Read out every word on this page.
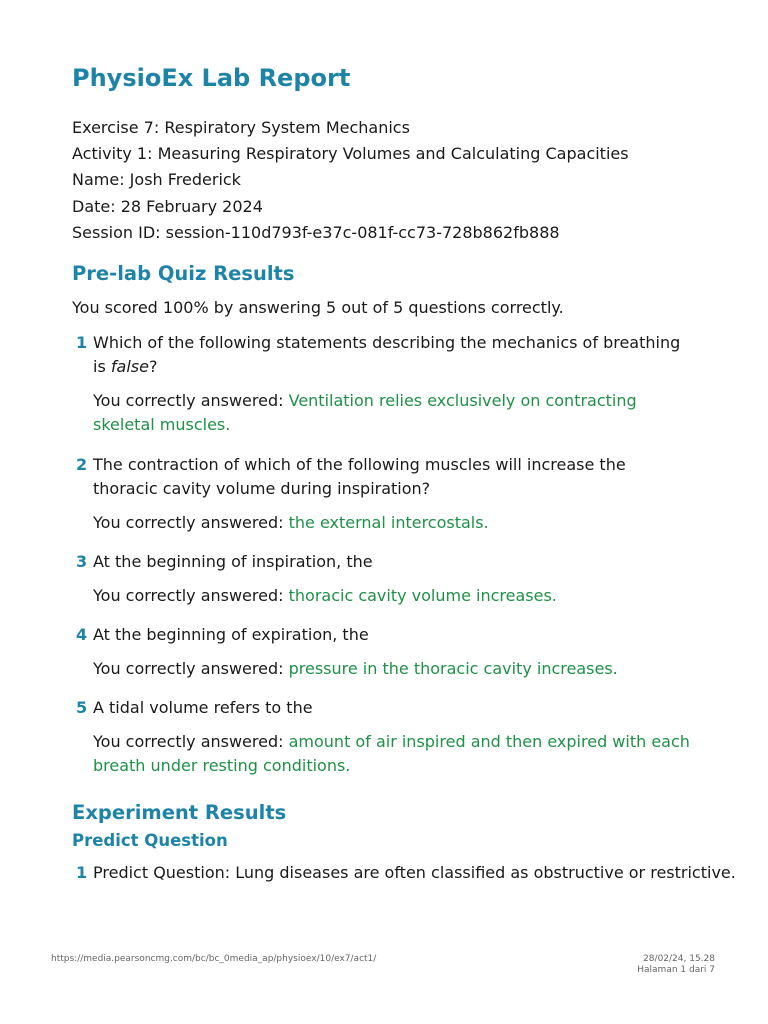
PhysioEx Lab Report
Exercise 7: Respiratory System Mechanics
Activity 1: Measuring Respiratory Volumes and Calculating Capacities
Name: Josh Frederick
Date: 28 February 2024
Session ID: session-110d793f-e37c-081f-cc73-728b862fb888
Pre-lab Quiz Results
You scored 100% by answering 5 out of 5 questions correctly.
1 Which of the following statements describing the mechanics of breathing is false?
You correctly answered: Ventilation relies exclusively on contracting skeletal muscles.
2 The contraction of which of the following muscles will increase the thoracic cavity volume during inspiration?
You correctly answered: the external intercostals.
3 At the beginning of inspiration, the
You correctly answered: thoracic cavity volume increases.
4 At the beginning of expiration, the
You correctly answered: pressure in the thoracic cavity increases.
5 A tidal volume refers to the
You correctly answered: amount of air inspired and then expired with each breath under resting conditions.
Experiment Results
Predict Question
1 Predict Question: Lung diseases are often classified as obstructive or restrictive.
https://media.pearsoncmg.com/bc/bc_0media_ap/physioex/10/ex7/act1/	28/02/24, 15.28
Halaman 1 dari 7
